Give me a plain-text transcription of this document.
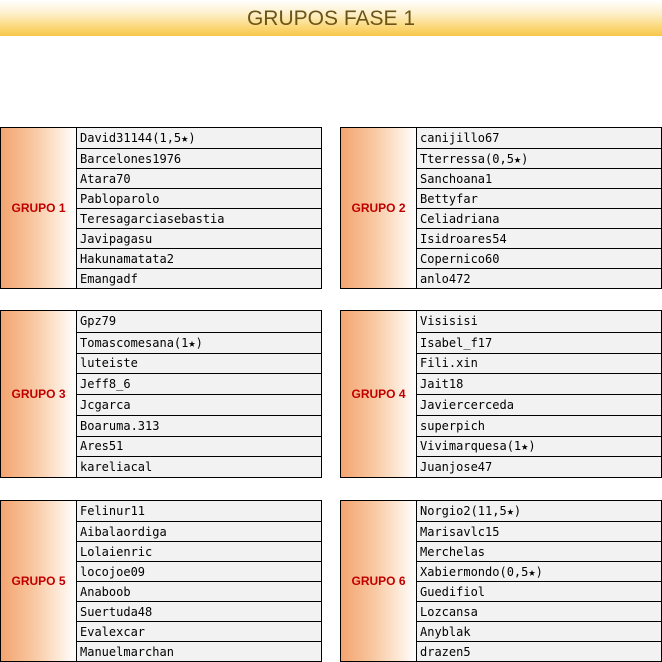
GRUPOS FASE 1
GRUPO 1
David31144(1,5★)
Barcelones1976
Atara70
Pabloparolo
Teresagarciasebastia
Javipagasu
Hakunamatata2
Emangadf
GRUPO 2
canijillo67
Tterressa(0,5★)
Sanchoana1
Bettyfar
Celiadriana
Isidroares54
Copernico60
anlo472
GRUPO 3
Gpz79
Tomascomesana(1★)
luteiste
Jeff8_6
Jcgarca
Boaruma.313
Ares51
kareliacal
GRUPO 4
Visisisi
Isabel_f17
Fili.xin
Jait18
Javiercerceda
superpich
Vivimarquesa(1★)
Juanjose47
GRUPO 5
Felinur11
Aibalaordiga
Lolaienric
locojoe09
Anaboob
Suertuda48
Evalexcar
Manuelmarchan
GRUPO 6
Norgio2(11,5★)
Marisavlc15
Merchelas
Xabiermondo(0,5★)
Guedifiol
Lozcansa
Anyblak
drazen5
